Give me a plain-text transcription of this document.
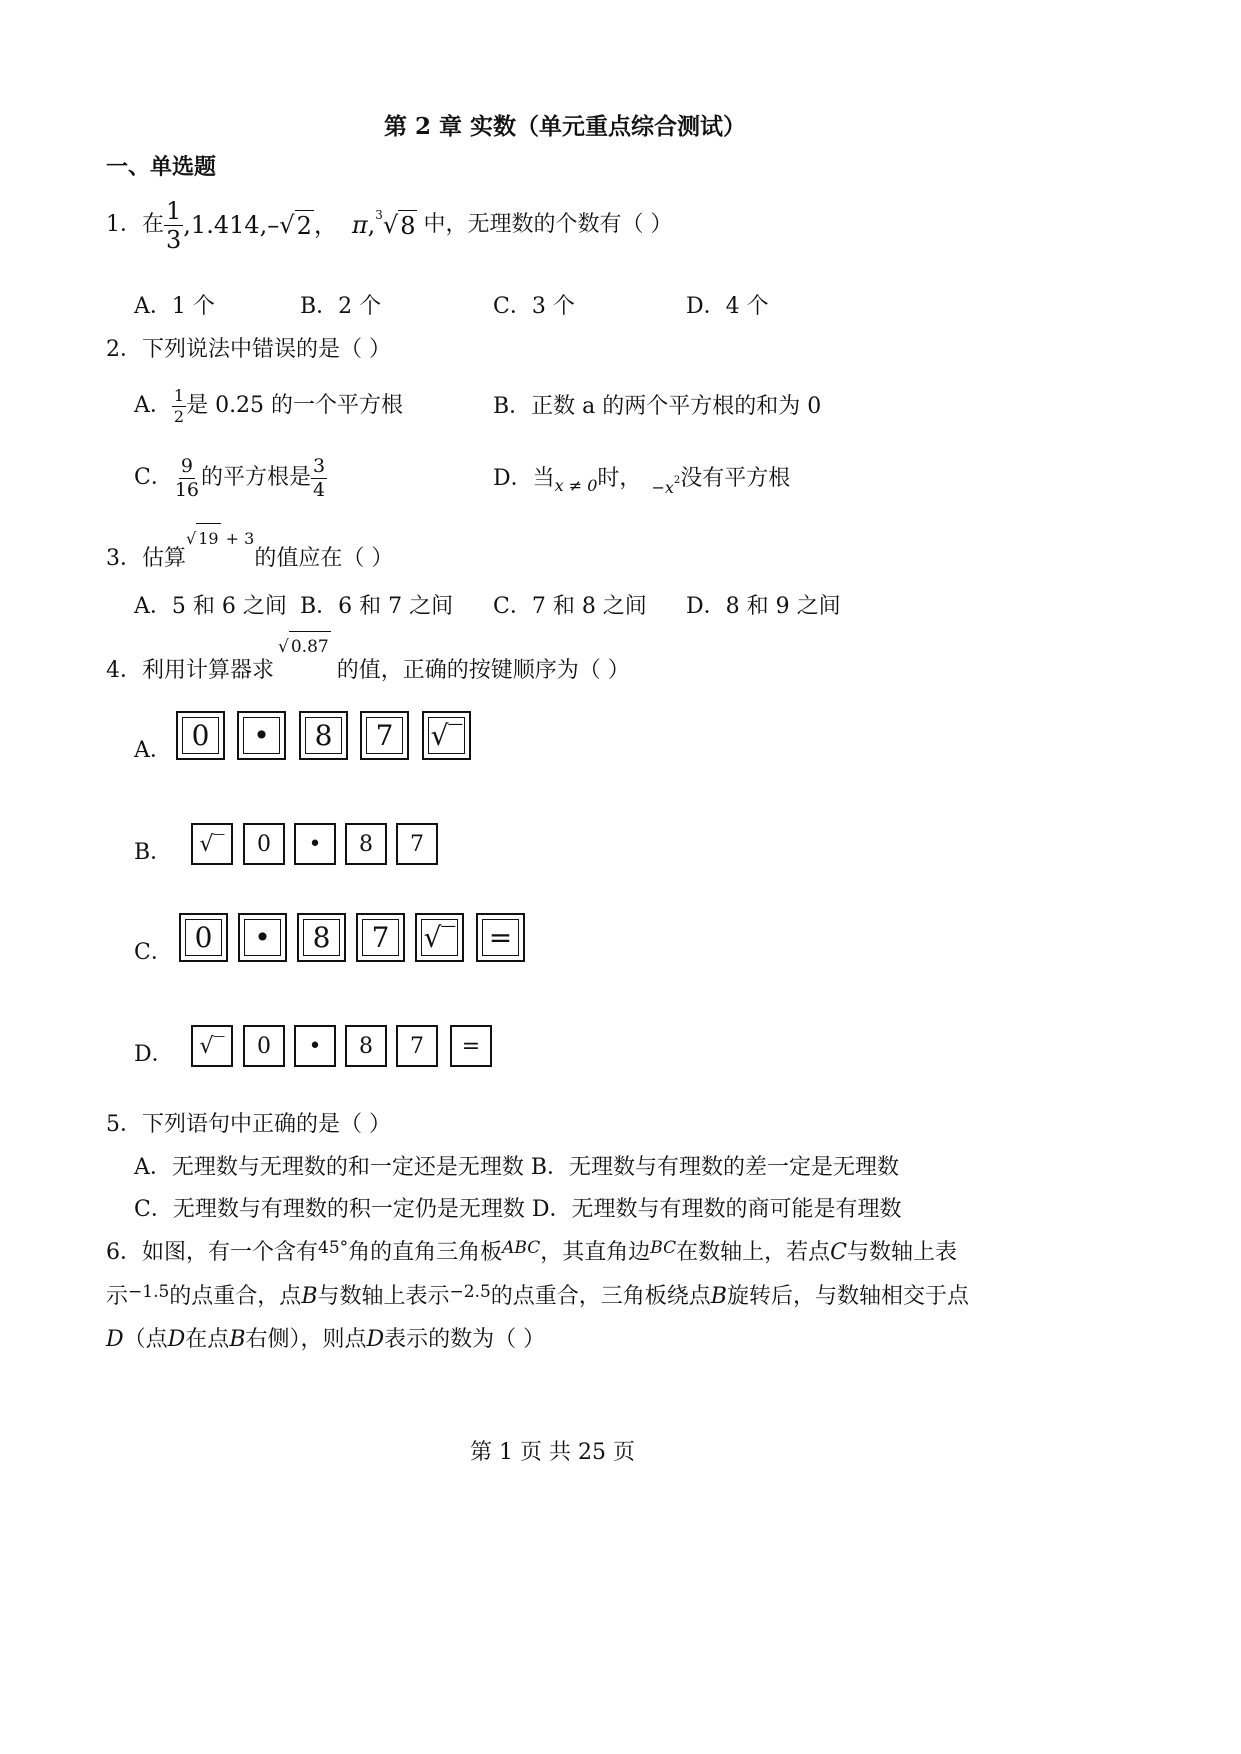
第 2 章 实数（单元重点综合测试）
一、单选题
1． 在 $\frac{1}{3} ,1.414$, – √ 2 ， π , 3 √ 8 中，无理数的个数有（ ）
A．1 个	B．2 个	C．3 个	D．4 个
2．下列说法中错误的是（ ）
A． $\frac{1}{2}$ 是 0.25 的一个平方根	B．正数 a 的两个平方根的和为 0
C． $\frac{9}{16}$ 的平方根是 $\frac{3}{4}$	D．当 x ≠ 0 时， −x 2 没有平方根
3．估算
√ 19 + 3
的值应在（ ）
A．5 和 6 之间 B．6 和 7 之间 C．7 和 8 之间 D．8 和 9 之间
4．利用计算器求
√ 0.87
的值，正确的按键顺序为（ ）
A． 0 • 8 7 √‾
B． √‾ 0 • 8 7
C． 0 • 8 7 √‾ =
D． √‾ 0 • 8 7 =
5．下列语句中正确的是（ ）
A．无理数与无理数的和一定还是无理数 B．无理数与有理数的差一定是无理数
C．无理数与有理数的积一定仍是无理数 D．无理数与有理数的商可能是有理数
6．如图，有一个含有$^{45^\circ}$角的直角三角板$^{ABC}$，其直角边$^{BC}$在数轴上，若点C与数轴上表
示$^{-1.5}$的点重合，点B与数轴上表示$^{-2.5}$的点重合，三角板绕点B旋转后，与数轴相交于点
D（点D在点B右侧），则点D表示的数为（ ）
第 1 页 共 25 页
